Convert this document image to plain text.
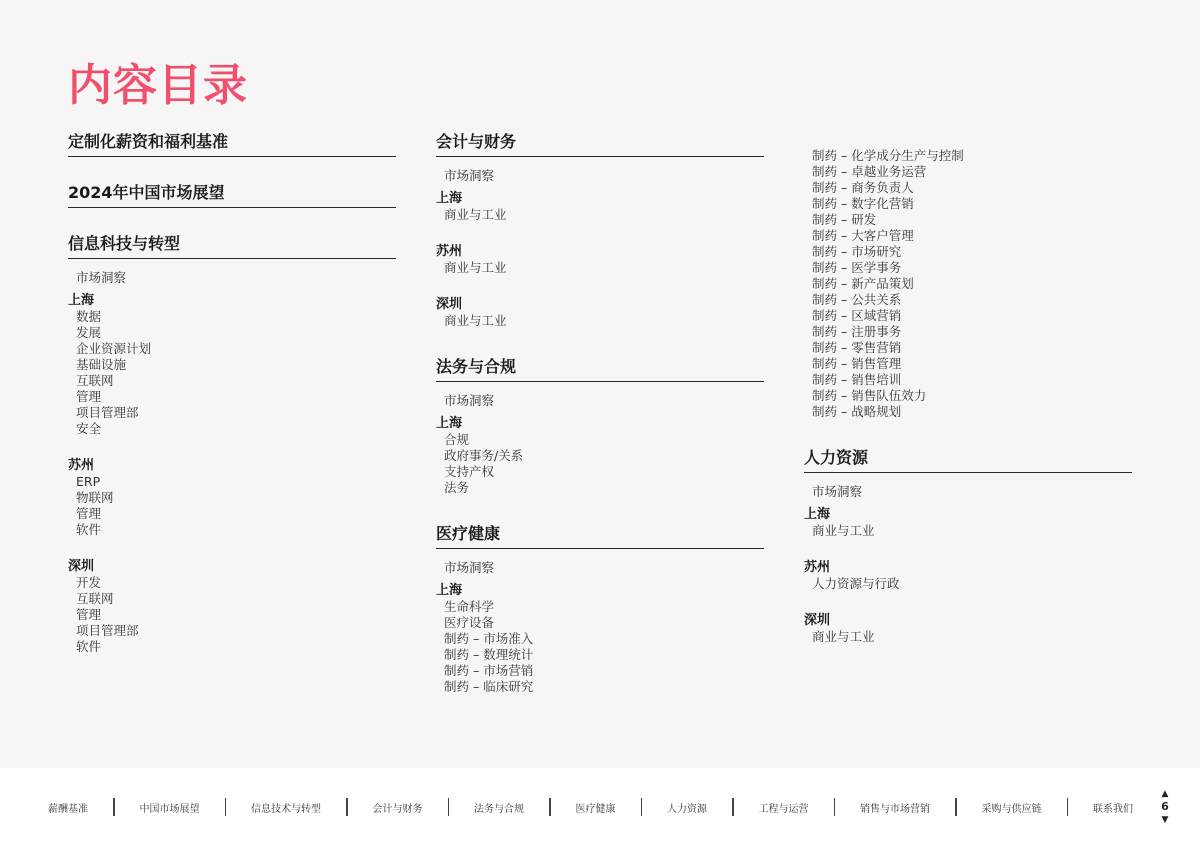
内容目录
定制化薪资和福利基准
2024年中国市场展望
信息科技与转型
市场洞察
上海
数据
发展
企业资源计划
基础设施
互联网
管理
项目管理部
安全
苏州
ERP
物联网
管理
软件
深圳
开发
互联网
管理
项目管理部
软件
会计与财务
市场洞察
上海
商业与工业
苏州
商业与工业
深圳
商业与工业
法务与合规
市场洞察
上海
合规
政府事务/关系
支持产权
法务
医疗健康
市场洞察
上海
生命科学
医疗设备
制药 – 市场准入
制药 – 数理统计
制药 – 市场营销
制药 – 临床研究
制药 – 化学成分生产与控制
制药 – 卓越业务运营
制药 – 商务负责人
制药 – 数字化营销
制药 – 研发
制药 – 大客户管理
制药 – 市场研究
制药 – 医学事务
制药 – 新产品策划
制药 – 公共关系
制药 – 区域营销
制药 – 注册事务
制药 – 零售营销
制药 – 销售管理
制药 – 销售培训
制药 – 销售队伍效力
制药 – 战略规划
人力资源
市场洞察
上海
商业与工业
苏州
人力资源与行政
深圳
商业与工业
薪酬基准	中国市场展望	信息技术与转型	会计与财务	法务与合规	医疗健康	人力资源	工程与运营	销售与市场营销	采购与供应链	联系我们
▲
6
▼
